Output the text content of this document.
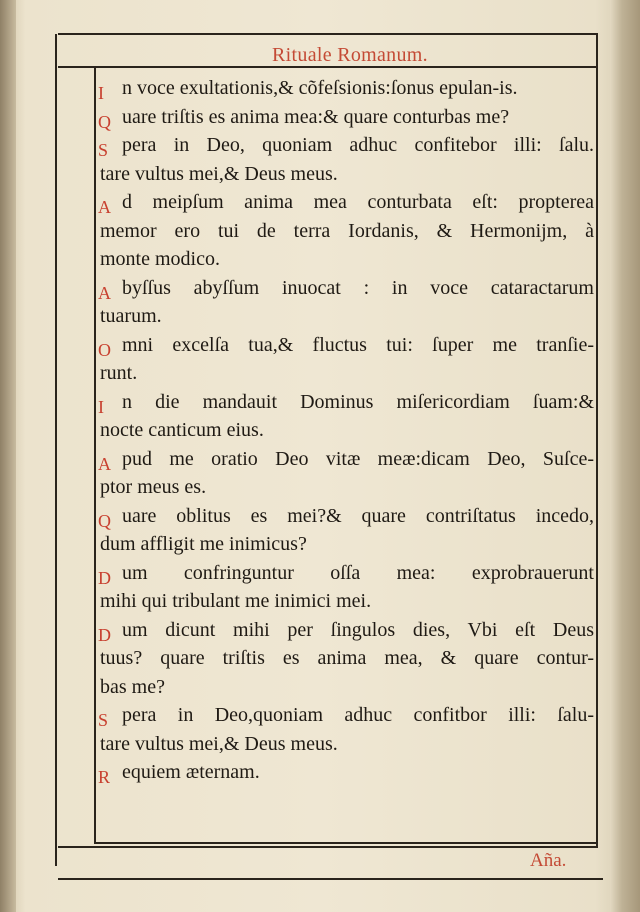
Rituale Romanum.
I n voce exultationis,& cõfeſsionis:ſonus epulan-is.
Q uare triſtis es anima mea:& quare conturbas me?
S pera in Deo, quoniam adhuc confitebor illi: ſalu.
tare vultus mei,& Deus meus.
A d meipſum anima mea conturbata eſt: propterea
memor ero tui de terra Iordanis, & Hermonijm, à
monte modico.
A byſſus abyſſum inuocat : in voce cataractarum
tuarum.
O mni excelſa tua,& fluctus tui: ſuper me tranſie-
runt.
I n die mandauit Dominus miſericordiam ſuam:&
nocte canticum eius.
A pud me oratio Deo vitæ meæ:dicam Deo, Suſce-
ptor meus es.
Q uare oblitus es mei?& quare contriſtatus incedo,
dum affligit me inimicus?
D um confringuntur oſſa mea: exprobrauerunt
mihi qui tribulant me inimici mei.
D um dicunt mihi per ſingulos dies, Vbi eſt Deus
tuus? quare triſtis es anima mea, & quare contur-
bas me?
S pera in Deo,quoniam adhuc confitbor illi: ſalu-
tare vultus mei,& Deus meus.
R equiem æternam.
Aña.
